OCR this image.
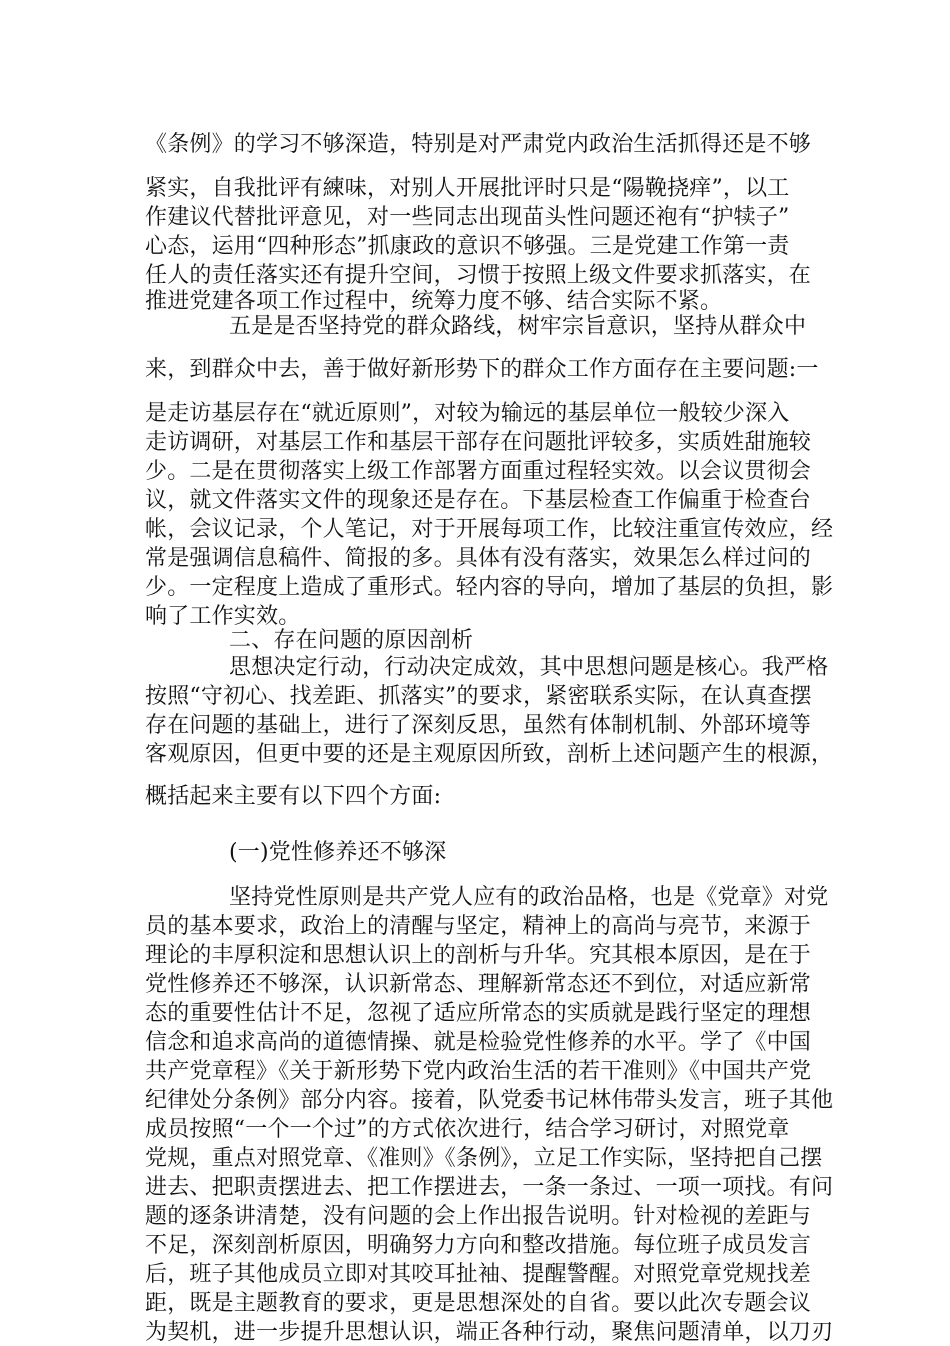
《条例》的学习不够深造，特别是对严肃党内政治生活抓得还是不够
紧实，自我批评有練味，对别人开展批评时只是“陽鞔挠痒”，以工
作建议代替批评意见，对一些同志出现苗头性问题还袍有“护犊子”
心态，运用“四种形态”抓康政的意识不够强。三是党建工作第一责
任人的责任落实还有提升空间，习惯于按照上级文件要求抓落实，在
推进党建各项工作过程中，统筹力度不够、结合实际不紧。
五是是否坚持党的群众路线，树牢宗旨意识，坚持从群众中
来，到群众中去，善于做好新形势下的群众工作方面存在主要问题:一
是走访基层存在“就近原则”，对较为输远的基层单位一般较少深入
走访调研，对基层工作和基层干部存在问题批评较多，实质姓甜施较
少。二是在贯彻落实上级工作部署方面重过程轻实效。以会议贯彻会
议，就文件落实文件的现象还是存在。下基层检查工作偏重于检查台
帐，会议记录，个人笔记，对于开展每项工作，比较注重宣传效应，经
常是强调信息稿件、简报的多。具体有没有落实，效果怎么样过问的
少。一定程度上造成了重形式。轻内容的导向，增加了基层的负担，影
响了工作实效。
二、存在问题的原因剖析
思想决定行动，行动决定成效，其中思想问题是核心。我严格
按照“守初心、找差距、抓落实”的要求，紧密联系实际，在认真查摆
存在问题的基础上，进行了深刻反思，虽然有体制机制、外部环境等
客观原因，但更中要的还是主观原因所致，剖析上述问题产生的根源，
概括起来主要有以下四个方面:
(一)党性修养还不够深
坚持党性原则是共产党人应有的政治品格，也是《党章》对党
员的基本要求，政治上的清醒与坚定，精神上的高尚与亮节，来源于
理论的丰厚积淀和思想认识上的剖析与升华。究其根本原因，是在于
党性修养还不够深，认识新常态、理解新常态还不到位，对适应新常
态的重要性估计不足，忽视了适应所常态的实质就是践行坚定的理想
信念和追求高尚的道德情操、就是检验党性修养的水平。学了《中国
共产党章程》《关于新形势下党内政治生活的若干准则》《中国共产党
纪律处分条例》部分内容。接着，队党委书记林伟带头发言，班子其他
成员按照“一个一个过”的方式依次进行，结合学习研讨，对照党章
党规，重点对照党章、《准则》《条例》，立足工作实际，坚持把自己摆
进去、把职责摆进去、把工作摆进去，一条一条过、一项一项找。有问
题的逐条讲清楚，没有问题的会上作出报告说明。针对检视的差距与
不足，深刻剖析原因，明确努力方向和整改措施。每位班子成员发言
后，班子其他成员立即对其咬耳扯袖、提醒警醒。对照党章党规找差
距，既是主题教育的要求，更是思想深处的自省。要以此次专题会议
为契机，进一步提升思想认识，端正各种行动，聚焦问题清单，以刀刃
